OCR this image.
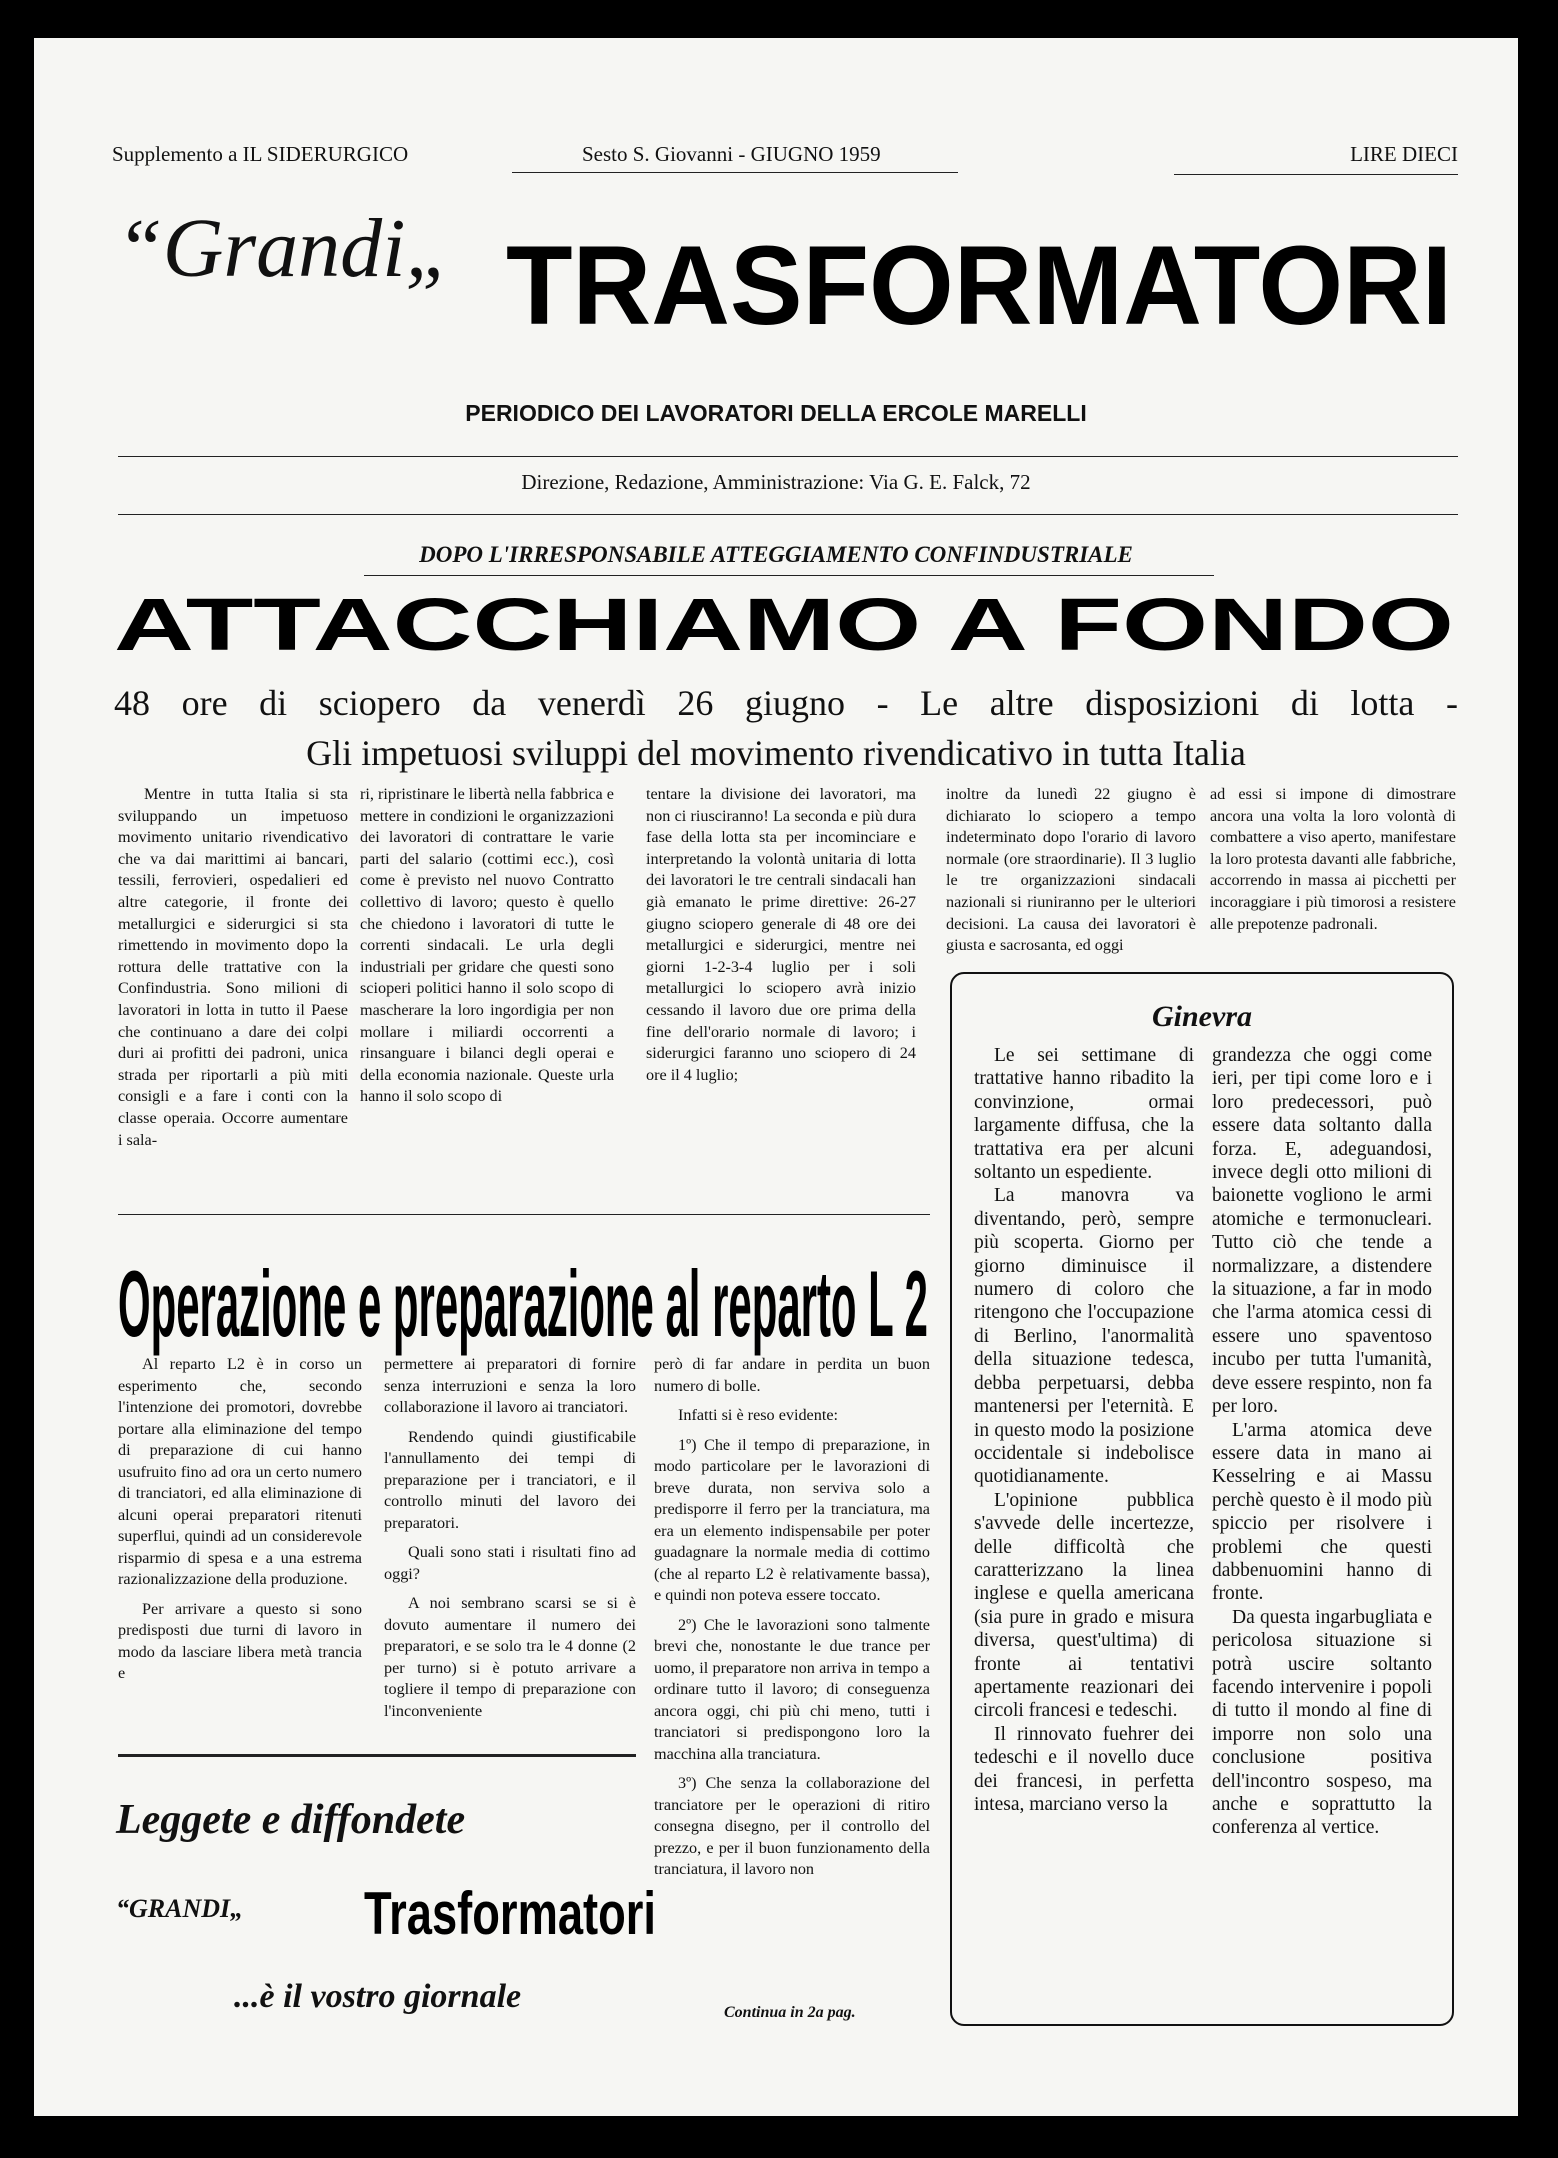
Supplemento a IL SIDERURGICO	Sesto S. Giovanni - GIUGNO 1959	LIRE DIECI
“Grandi„ TRASFORMATORI
PERIODICO DEI LAVORATORI DELLA ERCOLE MARELLI
Direzione, Redazione, Amministrazione: Via G. E. Falck, 72
DOPO L'IRRESPONSABILE ATTEGGIAMENTO CONFINDUSTRIALE
ATTACCHIAMO A FONDO
48 ore di sciopero da venerdì 26 giugno - Le altre disposizioni di lotta -
Gli impetuosi sviluppi del movimento rivendicativo in tutta Italia

Mentre in tutta Italia si sta sviluppando un impetuoso movimento unitario rivendicativo che va dai marittimi ai bancari, tessili, ferrovieri, ospedalieri ed altre categorie, il fronte dei metallurgici e siderurgici si sta rimettendo in movimento dopo la rottura delle trattative con la Confindustria. Sono milioni di lavoratori in lotta in tutto il Paese che continuano a dare dei colpi duri ai profitti dei padroni, unica strada per riportarli a più miti consigli e a fare i conti con la classe operaia. Occorre aumentare i sala-

ri, ripristinare le libertà nella fabbrica e mettere in condizioni le organizzazioni dei lavoratori di contrattare le varie parti del salario (cottimi ecc.), così come è previsto nel nuovo Contratto collettivo di lavoro; questo è quello che chiedono i lavoratori di tutte le correnti sindacali. Le urla degli industriali per gridare che questi sono scioperi politici hanno il solo scopo di mascherare la loro ingordigia per non mollare i miliardi occorrenti a rinsanguare i bilanci degli operai e della economia nazionale. Queste urla hanno il solo scopo di

tentare la divisione dei lavoratori, ma non ci riusciranno! La seconda e più dura fase della lotta sta per incominciare e interpretando la volontà unitaria di lotta dei lavoratori le tre centrali sindacali han già emanato le prime direttive: 26-27 giugno sciopero generale di 48 ore dei metallurgici e siderurgici, mentre nei giorni 1-2-3-4 luglio per i soli metallurgici lo sciopero avrà inizio cessando il lavoro due ore prima della fine dell'orario normale di lavoro; i siderurgici faranno uno sciopero di 24 ore il 4 luglio;

inoltre da lunedì 22 giugno è dichiarato lo sciopero a tempo indeterminato dopo l'orario di lavoro normale (ore straordinarie). Il 3 luglio le tre organizzazioni sindacali nazionali si riuniranno per le ulteriori decisioni. La causa dei lavoratori è giusta e sacrosanta, ed oggi

ad essi si impone di dimostrare ancora una volta la loro volontà di combattere a viso aperto, manifestare la loro protesta davanti alle fabbriche, accorrendo in massa ai picchetti per incoraggiare i più timorosi a resistere alle prepotenze padronali.

Operazione e preparazione al reparto L 2

Al reparto L2 è in corso un esperimento che, secondo l'intenzione dei promotori, dovrebbe portare alla eliminazione del tempo di preparazione di cui hanno usufruito fino ad ora un certo numero di tranciatori, ed alla eliminazione di alcuni operai preparatori ritenuti superflui, quindi ad un considerevole risparmio di spesa e a una estrema razionalizzazione della produzione.

Per arrivare a questo si sono predisposti due turni di lavoro in modo da lasciare libera metà trancia e

permettere ai preparatori di fornire senza interruzioni e senza la loro collaborazione il lavoro ai tranciatori.

Rendendo quindi giustificabile l'annullamento dei tempi di preparazione per i tranciatori, e il controllo minuti del lavoro dei preparatori.

Quali sono stati i risultati fino ad oggi?

A noi sembrano scarsi se si è dovuto aumentare il numero dei preparatori, e se solo tra le 4 donne (2 per turno) si è potuto arrivare a togliere il tempo di preparazione con l'inconveniente

però di far andare in perdita un buon numero di bolle.

Infatti si è reso evidente:

1º) Che il tempo di preparazione, in modo particolare per le lavorazioni di breve durata, non serviva solo a predisporre il ferro per la tranciatura, ma era un elemento indispensabile per poter guadagnare la normale media di cottimo (che al reparto L2 è relativamente bassa), e quindi non poteva essere toccato.

2º) Che le lavorazioni sono talmente brevi che, nonostante le due trance per uomo, il preparatore non arriva in tempo a ordinare tutto il lavoro; di conseguenza ancora oggi, chi più chi meno, tutti i tranciatori si predispongono loro la macchina alla tranciatura.

3º) Che senza la collaborazione del tranciatore per le operazioni di ritiro consegna disegno, per il controllo del prezzo, e per il buon funzionamento della tranciatura, il lavoro non

Continua in 2a pag.
Leggete e diffondete
“GRANDI„ Trasformatori
...è il vostro giornale
Ginevra

Le sei settimane di trattative hanno ribadito la convinzione, ormai largamente diffusa, che la trattativa era per alcuni soltanto un espediente.

La manovra va diventando, però, sempre più scoperta. Giorno per giorno diminuisce il numero di coloro che ritengono che l'occupazione di Berlino, l'anormalità della situazione tedesca, debba perpetuarsi, debba mantenersi per l'eternità. E in questo modo la posizione occidentale si indebolisce quotidianamente.

L'opinione pubblica s'avvede delle incertezze, delle difficoltà che caratterizzano la linea inglese e quella americana (sia pure in grado e misura diversa, quest'ultima) di fronte ai tentativi apertamente reazionari dei circoli francesi e tedeschi.

Il rinnovato fuehrer dei tedeschi e il novello duce dei francesi, in perfetta intesa, marciano verso la

grandezza che oggi come ieri, per tipi come loro e i loro predecessori, può essere data soltanto dalla forza. E, adeguandosi, invece degli otto milioni di baionette vogliono le armi atomiche e termonucleari. Tutto ciò che tende a normalizzare, a distendere la situazione, a far in modo che l'arma atomica cessi di essere uno spaventoso incubo per tutta l'umanità, deve essere respinto, non fa per loro.

L'arma atomica deve essere data in mano ai Kesselring e ai Massu perchè questo è il modo più spiccio per risolvere i problemi che questi dabbenuomini hanno di fronte.

Da questa ingarbugliata e pericolosa situazione si potrà uscire soltanto facendo intervenire i popoli di tutto il mondo al fine di imporre non solo una conclusione positiva dell'incontro sospeso, ma anche e soprattutto la conferenza al vertice.
